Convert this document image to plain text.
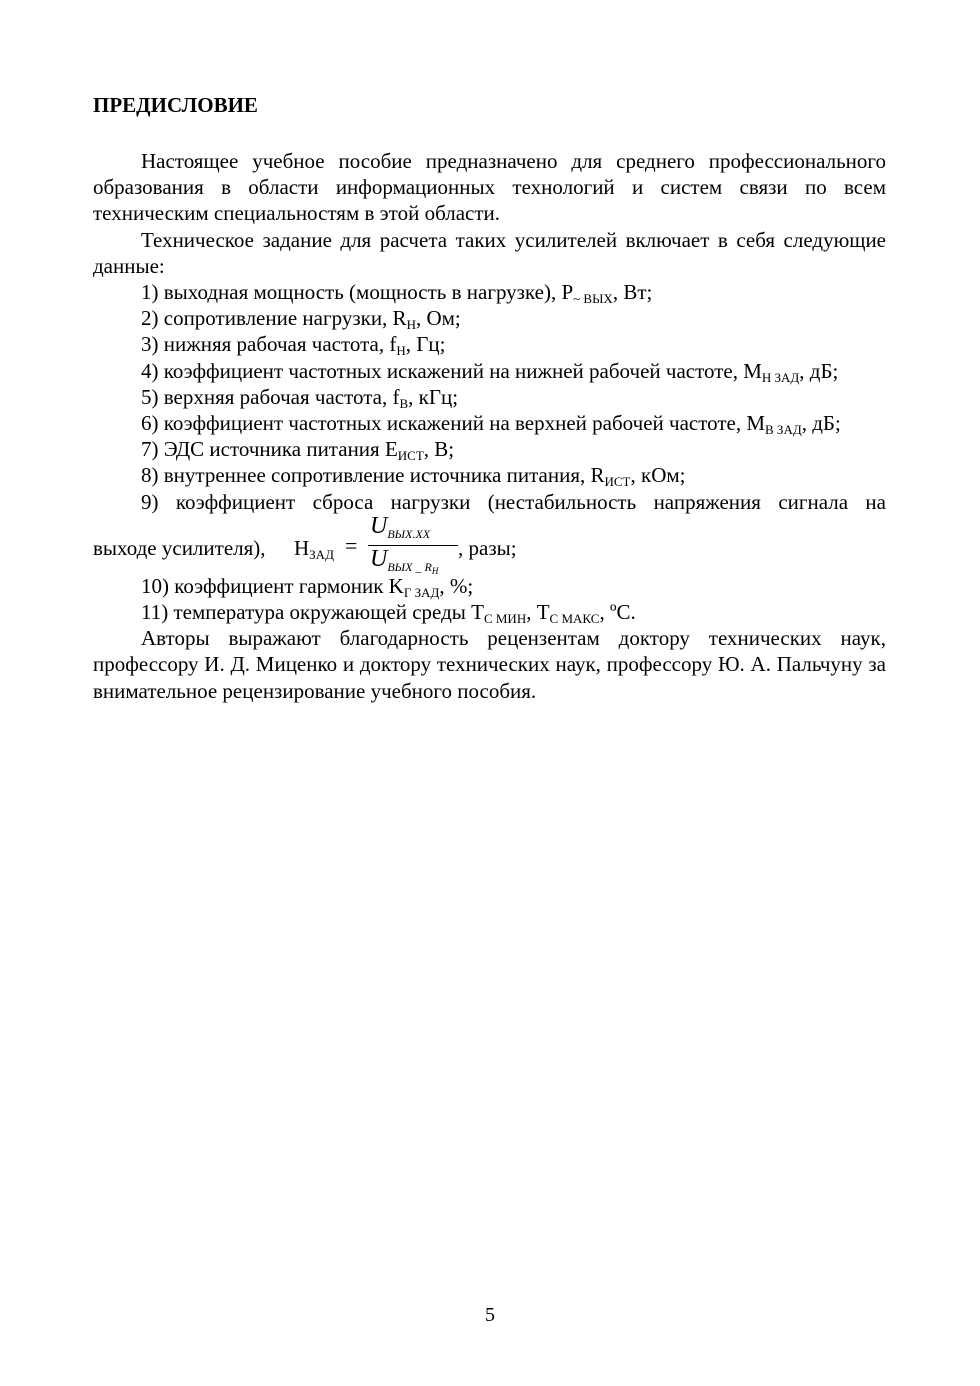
ПРЕДИСЛОВИЕ

Настоящее учебное пособие предназначено для среднего профессионального образования в области информационных технологий и систем связи по всем техническим специальностям в этой области.

Техническое задание для расчета таких усилителей включает в себя следующие данные:

1) выходная мощность (мощность в нагрузке), $P_{\sim ВЫХ}$, Вт;

2) сопротивление нагрузки, $R_Н$, Ом;

3) нижняя рабочая частота, $f_Н$, Гц;

4) коэффициент частотных искажений на нижней рабочей частоте, $M_{Н ЗАД}$, дБ;

5) верхняя рабочая частота, $f_В$, кГц;

6) коэффициент частотных искажений на верхней рабочей частоте, $M_{В ЗАД}$, дБ;

7) ЭДС источника питания $E_{ИСТ}$, В;

8) внутреннее сопротивление источника питания, $R_{ИСТ}$, кОм;

9) коэффициент сброса нагрузки (нестабильность напряжения сигнала на

выходе усилителя), $H_{ЗАД}$ =
$U_{ВЫХ.ХХ}$
$U_{ВЫХ \_ R_Н}$
, разы;

10) коэффициент гармоник $K_{Г ЗАД}$, %;

11) температура окружающей среды $T_{С МИН}$, $T_{С МАКС}$, ºC.

Авторы выражают благодарность рецензентам доктору технических наук, профессору И. Д. Миценко и доктору технических наук, профессору Ю. А. Пальчуну за внимательное рецензирование учебного пособия.

5
